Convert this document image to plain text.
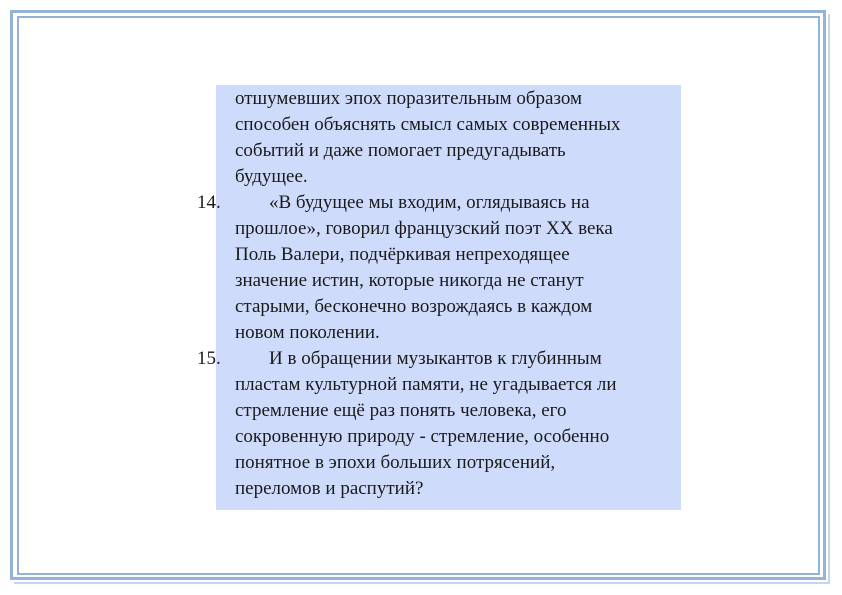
отшумевших эпох поразительным образом
способен объяснять смысл самых современных
событий и даже помогает предугадывать
будущее.
14.	«В будущее мы входим, оглядываясь на
прошлое», говорил французский поэт XX века
Поль Валери, подчёркивая непреходящее
значение истин, которые никогда не станут
старыми, бесконечно возрождаясь в каждом
новом поколении.
15.	И в обращении музыкантов к глубинным
пластам культурной памяти, не угадывается ли
стремление ещё раз понять человека, его
сокровенную природу - стремление, особенно
понятное в эпохи больших потрясений,
переломов и распутий?
